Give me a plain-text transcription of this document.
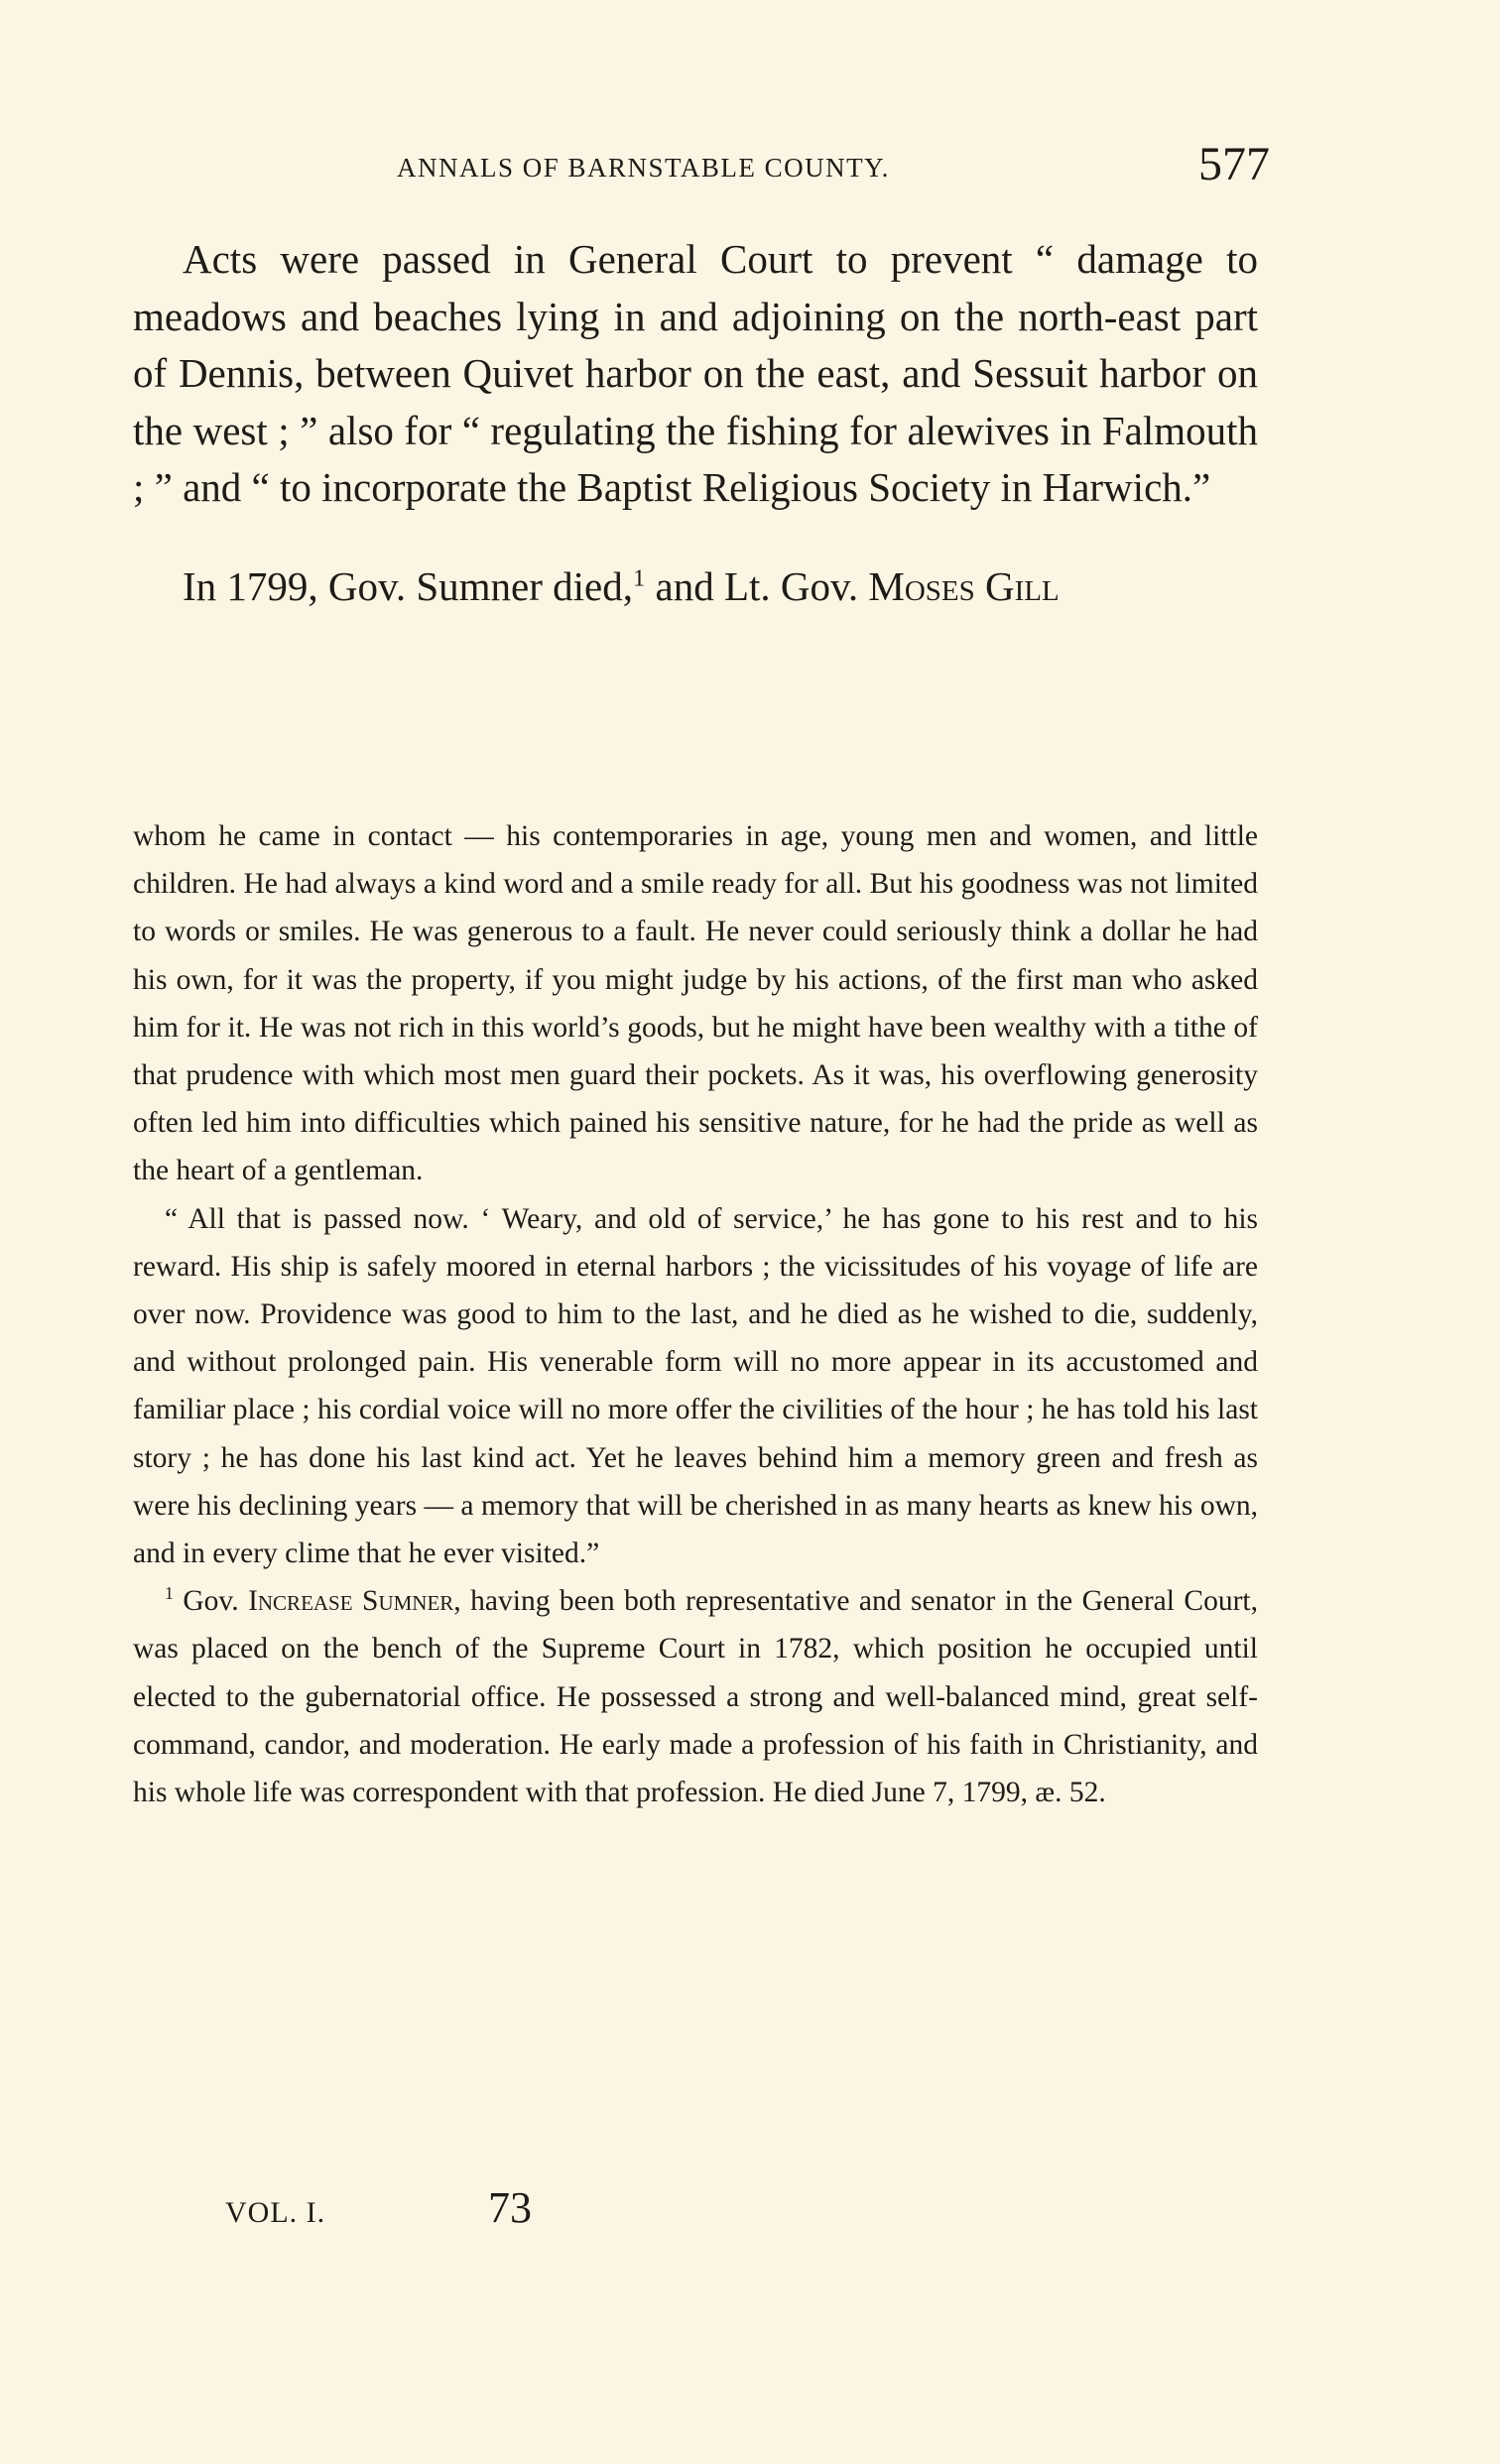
ANNALS OF BARNSTABLE COUNTY.	577

Acts were passed in General Court to prevent “ damage to meadows and beaches lying in and adjoining on the north-east part of Dennis, between Quivet harbor on the east, and Sessuit harbor on the west ; ” also for “ regulating the fishing for alewives in Falmouth ; ” and “ to incorporate the Baptist Religious Society in Harwich.”

In 1799, Gov. Sumner died,$^1$ and Lt. Gov. Moses Gill

whom he came in contact — his contemporaries in age, young men and women, and little children. He had always a kind word and a smile ready for all. But his goodness was not limited to words or smiles. He was generous to a fault. He never could seriously think a dollar he had his own, for it was the property, if you might judge by his actions, of the first man who asked him for it. He was not rich in this world’s goods, but he might have been wealthy with a tithe of that prudence with which most men guard their pockets. As it was, his overflowing generosity often led him into difficulties which pained his sensitive nature, for he had the pride as well as the heart of a gentleman.

“ All that is passed now. ‘ Weary, and old of service,’ he has gone to his rest and to his reward. His ship is safely moored in eternal harbors ; the vicissitudes of his voyage of life are over now. Providence was good to him to the last, and he died as he wished to die, suddenly, and without prolonged pain. His venerable form will no more appear in its accustomed and familiar place ; his cordial voice will no more offer the civilities of the hour ; he has told his last story ; he has done his last kind act. Yet he leaves behind him a memory green and fresh as were his declining years — a memory that will be cherished in as many hearts as knew his own, and in every clime that he ever visited.”

$^1$ Gov. Increase Sumner, having been both representative and senator in the General Court, was placed on the bench of the Supreme Court in 1782, which position he occupied until elected to the gubernatorial office. He possessed a strong and well-balanced mind, great self-command, candor, and moderation. He early made a profession of his faith in Christianity, and his whole life was correspondent with that profession. He died June 7, 1799, æ. 52.

VOL. I.	73
